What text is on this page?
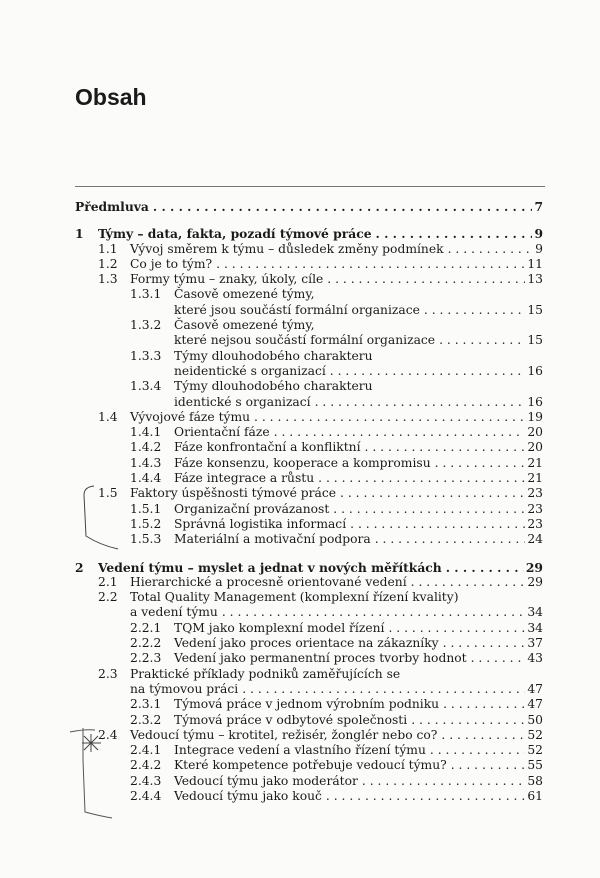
Obsah
Předmluva . . .	7
1	Týmy – data, fakta, pozadí týmové práce . . .	9
1.1	Vývoj směrem k týmu – důsledek změny podmínek . . .	9
1.2	Co je to tým? . . .	11
1.3	Formy týmu – znaky, úkoly, cíle . . .	13
1.3.1	Časově omezené týmy,
které jsou součástí formální organizace . . .	15
1.3.2	Časově omezené týmy,
které nejsou součástí formální organizace . . .	15
1.3.3	Týmy dlouhodobého charakteru
neidentické s organizací . . .	16
1.3.4	Týmy dlouhodobého charakteru
identické s organizací . . .	16
1.4	Vývojové fáze týmu . . .	19
1.4.1	Orientační fáze . . .	20
1.4.2	Fáze konfrontační a konfliktní . . .	20
1.4.3	Fáze konsenzu, kooperace a kompromisu . . .	21
1.4.4	Fáze integrace a růstu . . .	21
1.5	Faktory úspěšnosti týmové práce . . .	23
1.5.1	Organizační provázanost . . .	23
1.5.2	Správná logistika informací . . .	23
1.5.3	Materiální a motivační podpora . . .	24
2	Vedení týmu – myslet a jednat v nových měřítkách . . .	29
2.1	Hierarchické a procesně orientované vedení . . .	29
2.2	Total Quality Management (komplexní řízení kvality)
a vedení týmu . . .	34
2.2.1	TQM jako komplexní model řízení . . .	34
2.2.2	Vedení jako proces orientace na zákazníky . . .	37
2.2.3	Vedení jako permanentní proces tvorby hodnot . . .	43
2.3	Praktické příklady podniků zaměřujících se
na týmovou práci . . .	47
2.3.1	Týmová práce v jednom výrobním podniku . . .	47
2.3.2	Týmová práce v odbytové společnosti . . .	50
2.4	Vedoucí týmu – krotitel, režisér, žonglér nebo co? . . .	52
2.4.1	Integrace vedení a vlastního řízení týmu . . .	52
2.4.2	Které kompetence potřebuje vedoucí týmu? . . .	55
2.4.3	Vedoucí týmu jako moderátor . . .	58
2.4.4	Vedoucí týmu jako kouč . . .	61
